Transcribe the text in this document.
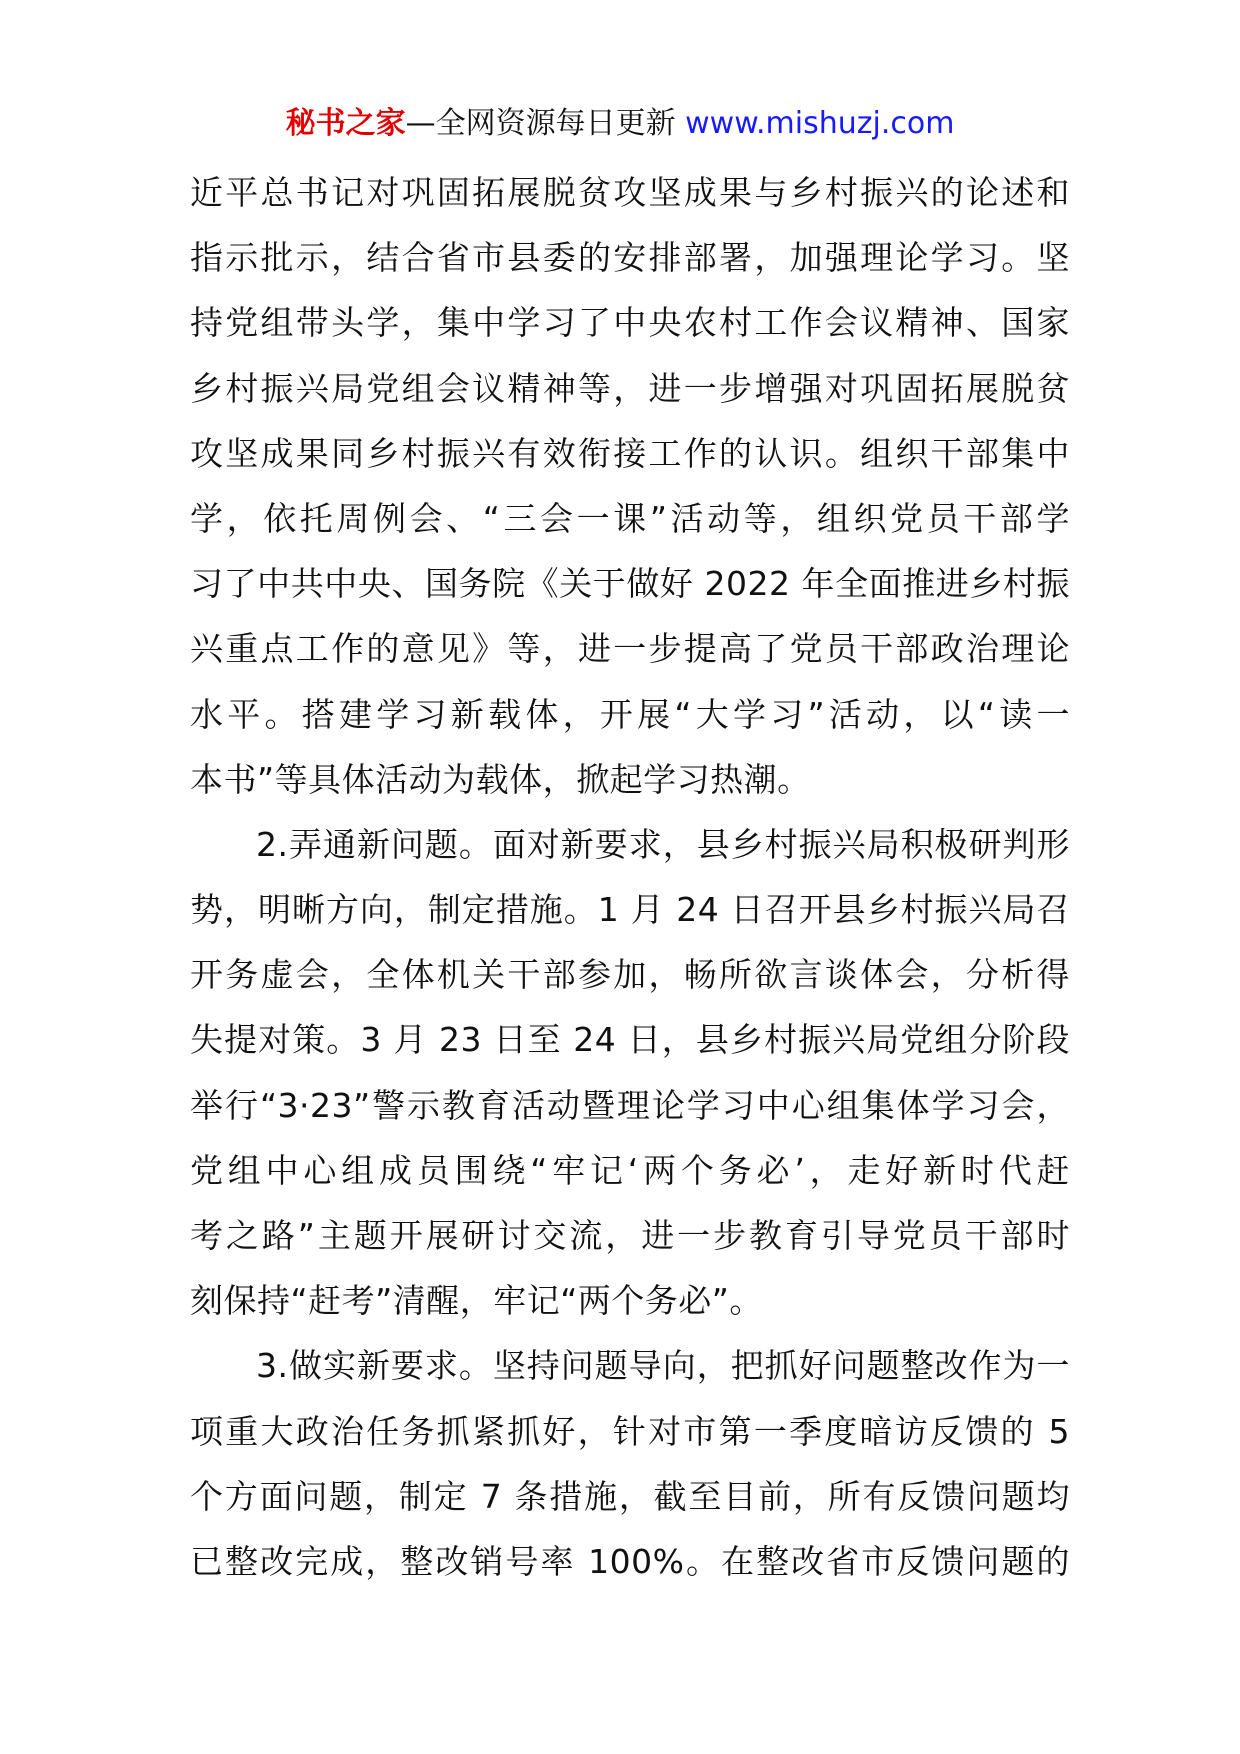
秘书之家—全网资源每日更新 www.mishuzj.com
近平总书记对巩固拓展脱贫攻坚成果与乡村振兴的论述和
指示批示，结合省市县委的安排部署，加强理论学习。坚
持党组带头学，集中学习了中央农村工作会议精神、国家
乡村振兴局党组会议精神等，进一步增强对巩固拓展脱贫
攻坚成果同乡村振兴有效衔接工作的认识。组织干部集中
学，依托周例会、“三会一课”活动等，组织党员干部学
习了中共中央、国务院《关于做好 2022 年全面推进乡村振
兴重点工作的意见》等，进一步提高了党员干部政治理论
水平。搭建学习新载体，开展“大学习”活动，以“读一
本书”等具体活动为载体，掀起学习热潮。
2.弄通新问题。面对新要求，县乡村振兴局积极研判形
势，明晰方向，制定措施。1 月 24 日召开县乡村振兴局召
开务虚会，全体机关干部参加，畅所欲言谈体会，分析得
失提对策。3 月 23 日至 24 日，县乡村振兴局党组分阶段
举行“3·23”警示教育活动暨理论学习中心组集体学习会，
党组中心组成员围绕“牢记‘两个务必’，走好新时代赶
考之路”主题开展研讨交流，进一步教育引导党员干部时
刻保持“赶考”清醒，牢记“两个务必”。
3.做实新要求。坚持问题导向，把抓好问题整改作为一
项重大政治任务抓紧抓好，针对市第一季度暗访反馈的 5
个方面问题，制定 7 条措施，截至目前，所有反馈问题均
已整改完成，整改销号率 100%。在整改省市反馈问题的
